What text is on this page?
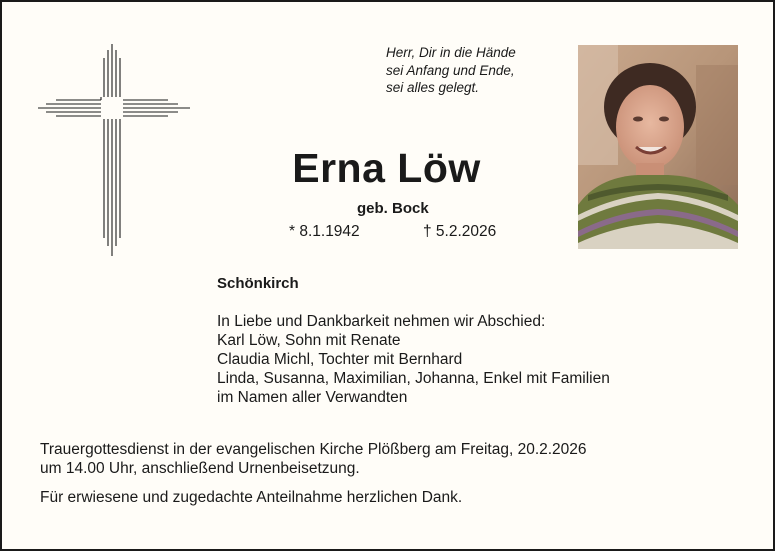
Herr, Dir in die Hände
sei Anfang und Ende,
sei alles gelegt.
Erna Löw
geb. Bock
* 8.1.1942	† 5.2.2026
Schönkirch
In Liebe und Dankbarkeit nehmen wir Abschied:
Karl Löw, Sohn mit Renate
Claudia Michl, Tochter mit Bernhard
Linda, Susanna, Maximilian, Johanna, Enkel mit Familien
im Namen aller Verwandten
Trauergottesdienst in der evangelischen Kirche Plößberg am Freitag, 20.2.2026
um 14.00 Uhr, anschließend Urnenbeisetzung.
Für erwiesene und zugedachte Anteilnahme herzlichen Dank.
